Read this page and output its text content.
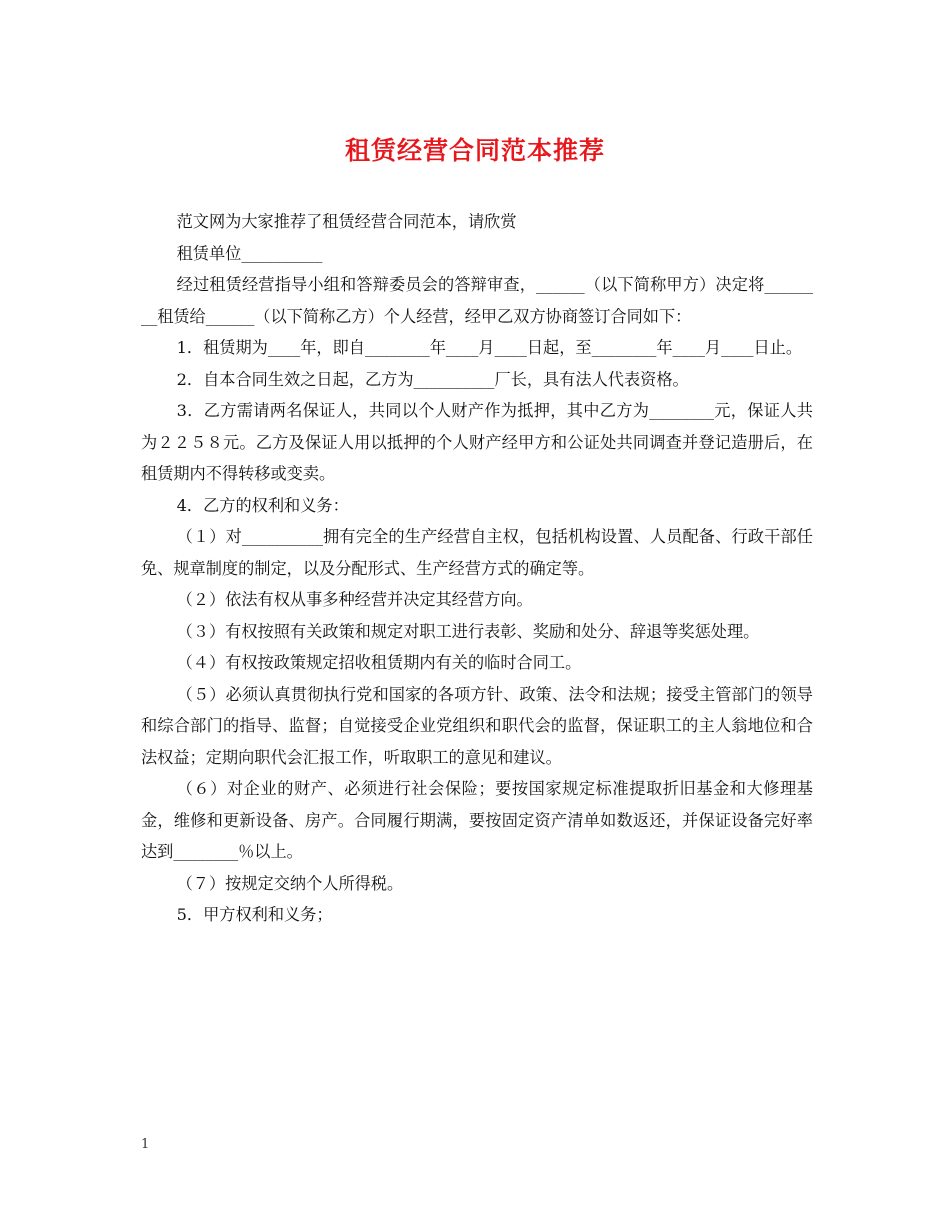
租赁经营合同范本推荐

范文网为大家推荐了租赁经营合同范本，请欣赏

租赁单位__________

经过租赁经营指导小组和答辩委员会的答辩审查，______（以下简称甲方）决定将________租赁给______（以下简称乙方）个人经营，经甲乙双方协商签订合同如下：

1．租赁期为____年，即自________年____月____日起，至________年____月____日止。

2．自本合同生效之日起，乙方为__________厂长，具有法人代表资格。

3．乙方需请两名保证人，共同以个人财产作为抵押，其中乙方为________元，保证人共为２２５８元。乙方及保证人用以抵押的个人财产经甲方和公证处共同调查并登记造册后，在租赁期内不得转移或变卖。

4．乙方的权利和义务：

（１）对__________拥有完全的生产经营自主权，包括机构设置、人员配备、行政干部任免、规章制度的制定，以及分配形式、生产经营方式的确定等。

（２）依法有权从事多种经营并决定其经营方向。

（３）有权按照有关政策和规定对职工进行表彰、奖励和处分、辞退等奖惩处理。

（４）有权按政策规定招收租赁期内有关的临时合同工。

（５）必须认真贯彻执行党和国家的各项方针、政策、法令和法规；接受主管部门的领导和综合部门的指导、监督；自觉接受企业党组织和职代会的监督，保证职工的主人翁地位和合法权益；定期向职代会汇报工作，听取职工的意见和建议。

（６）对企业的财产、必须进行社会保险；要按国家规定标准提取折旧基金和大修理基金，维修和更新设备、房产。合同履行期满，要按固定资产清单如数返还，并保证设备完好率达到________％以上。

（７）按规定交纳个人所得税。

5．甲方权利和义务；

1
